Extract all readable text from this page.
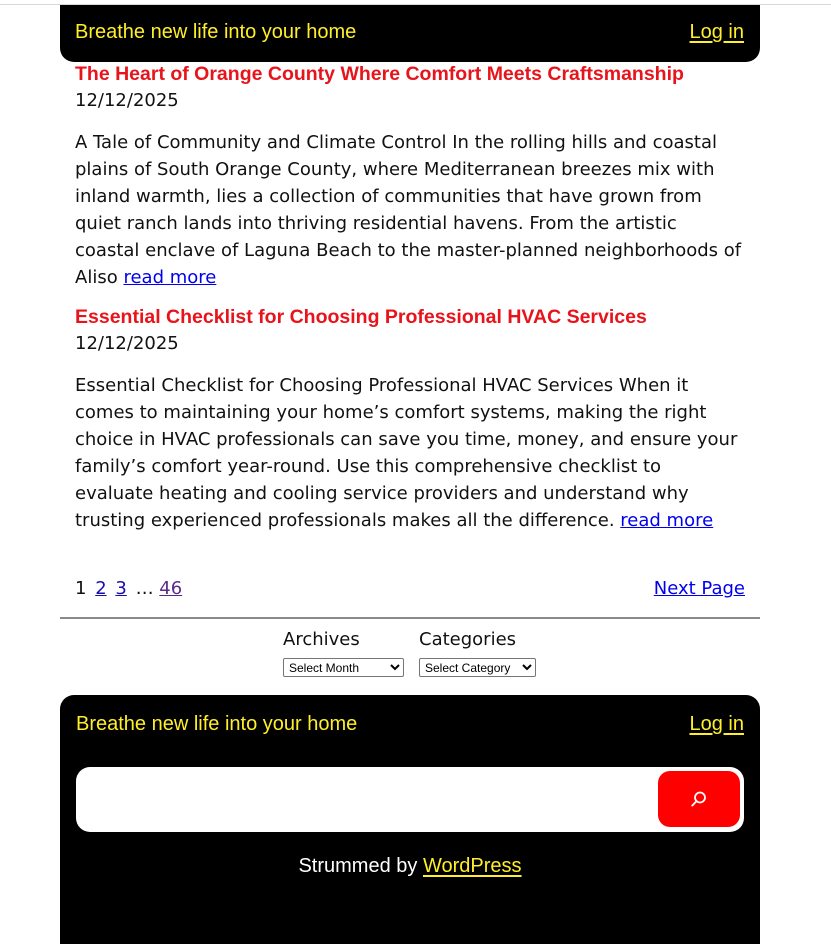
Breathe new life into your home	Log in
The Heart of Orange County Where Comfort Meets Craftsmanship
12/12/2025
A Tale of Community and Climate Control In the rolling hills and coastal plains of South Orange County, where Mediterranean breezes mix with inland warmth, lies a collection of communities that have grown from quiet ranch lands into thriving residential havens. From the artistic coastal enclave of Laguna Beach to the master-planned neighborhoods of Aliso read more
Essential Checklist for Choosing Professional HVAC Services
12/12/2025
Essential Checklist for Choosing Professional HVAC Services When it comes to maintaining your home’s comfort systems, making the right choice in HVAC professionals can save you time, money, and ensure your family’s comfort year-round. Use this comprehensive checklist to evaluate heating and cooling service providers and understand why trusting experienced professionals makes all the difference. read more
1 2 3 … 46	Next Page
Archives
Select Month	Categories
Select Category
Breathe new life into your home	Log in
Strummed by WordPress
